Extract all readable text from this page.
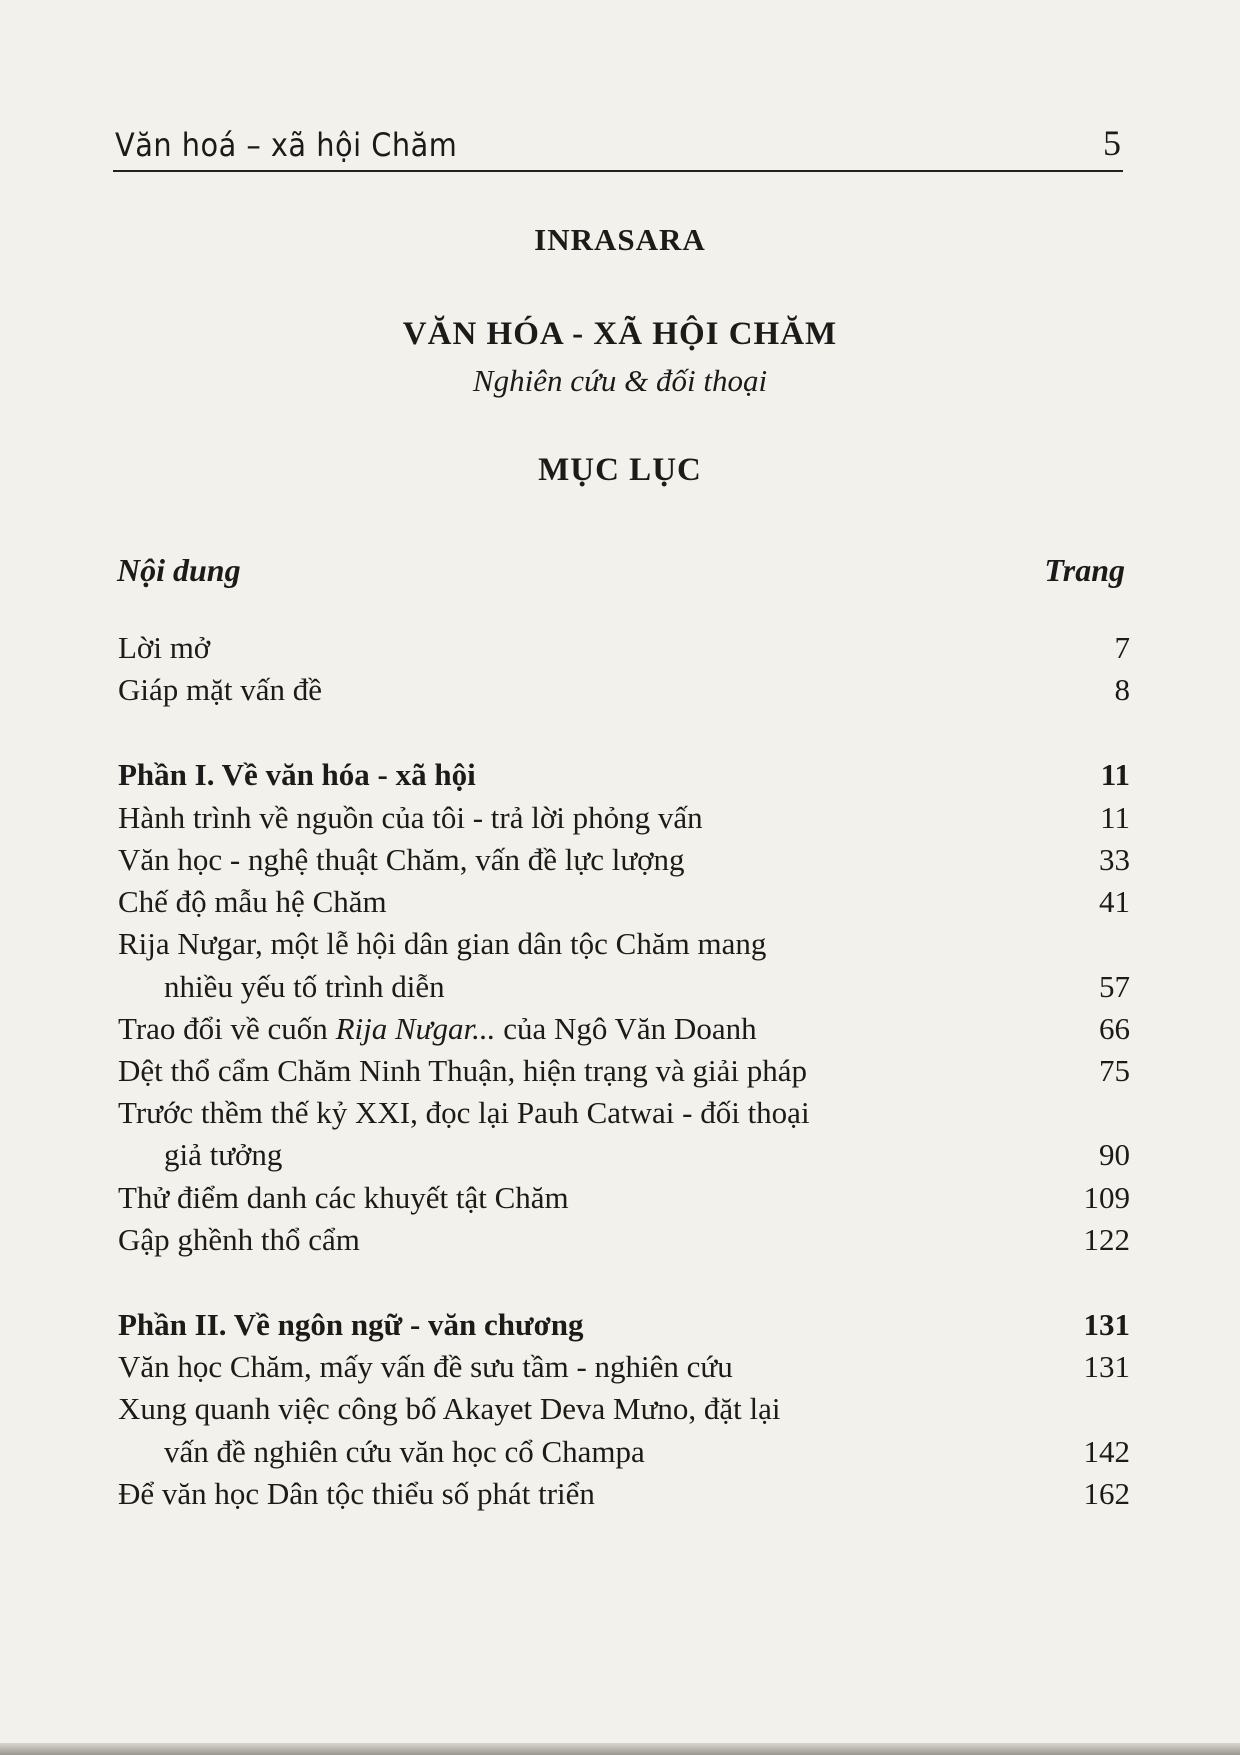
Văn hoá – xã hội Chăm	5
INRASARA
VĂN HÓA - XÃ HỘI CHĂM
Nghiên cứu & đối thoại
MỤC LỤC
Nội dung	Trang
Lời mở	7
Giáp mặt vấn đề	8
Phần I. Về văn hóa - xã hội	11
Hành trình về nguồn của tôi - trả lời phỏng vấn	11
Văn học - nghệ thuật Chăm, vấn đề lực lượng	33
Chế độ mẫu hệ Chăm	41
Rija Nưgar, một lễ hội dân gian dân tộc Chăm mang
nhiều yếu tố trình diễn	57
Trao đổi về cuốn Rija Nưgar... của Ngô Văn Doanh	66
Dệt thổ cẩm Chăm Ninh Thuận, hiện trạng và giải pháp	75
Trước thềm thế kỷ XXI, đọc lại Pauh Catwai - đối thoại
giả tưởng	90
Thử điểm danh các khuyết tật Chăm	109
Gập ghềnh thổ cẩm	122
Phần II. Về ngôn ngữ - văn chương	131
Văn học Chăm, mấy vấn đề sưu tầm - nghiên cứu	131
Xung quanh việc công bố Akayet Deva Mưno, đặt lại
vấn đề nghiên cứu văn học cổ Champa	142
Để văn học Dân tộc thiểu số phát triển	162
